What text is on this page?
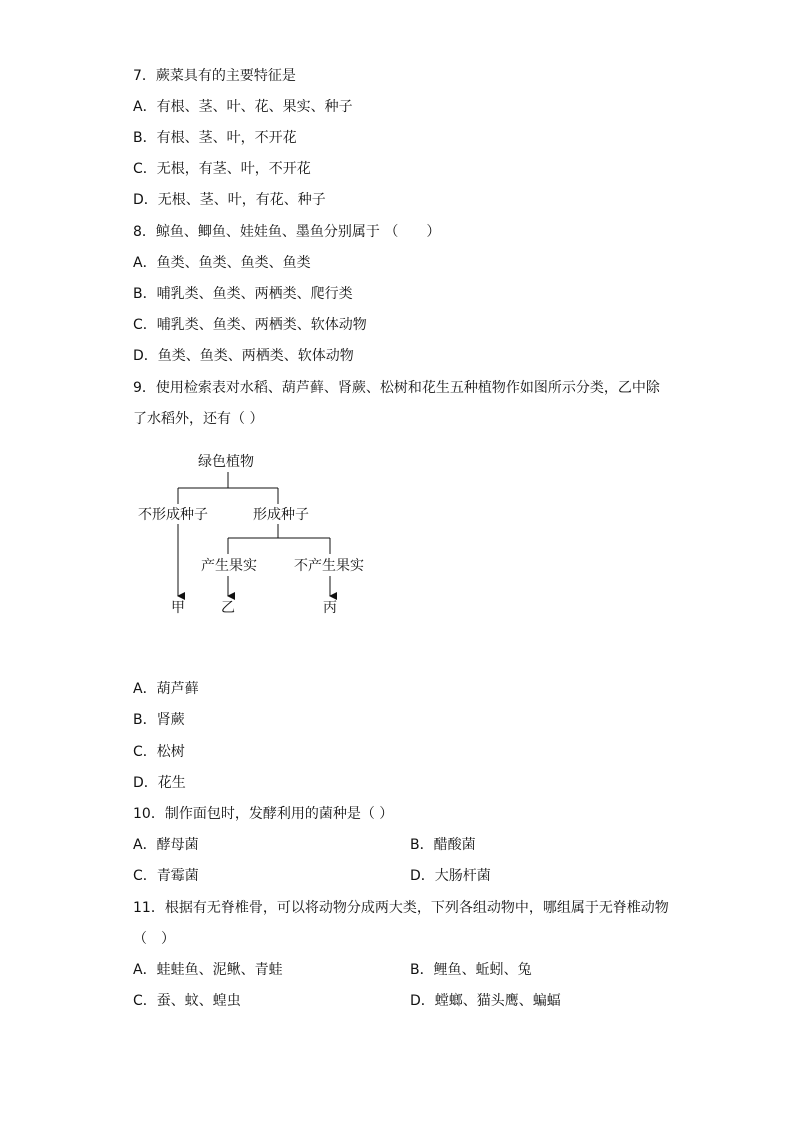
7．蕨菜具有的主要特征是
A．有根、茎、叶、花、果实、种子
B．有根、茎、叶，不开花
C．无根，有茎、叶，不开花
D．无根、茎、叶，有花、种子
8．鲸鱼、鲫鱼、娃娃鱼、墨鱼分别属于 （　　）
A．鱼类、鱼类、鱼类、鱼类
B．哺乳类、鱼类、两栖类、爬行类
C．哺乳类、鱼类、两栖类、软体动物
D．鱼类、鱼类、两栖类、软体动物
9．使用检索表对水稻、葫芦藓、肾蕨、松树和花生五种植物作如图所示分类，乙中除
了水稻外，还有（ ）
绿色植物
不形成种子	形成种子
产生果实	不产生果实
甲	乙	丙
A．葫芦藓
B．肾蕨
C．松树
D．花生
10．制作面包时，发酵利用的菌种是（ ）
A．酵母菌	B．醋酸菌
C．青霉菌	D．大肠杆菌
11．根据有无脊椎骨，可以将动物分成两大类，下列各组动物中，哪组属于无脊椎动物
（　）
A．蛙蛙鱼、泥鳅、青蛙	B．鲤鱼、蚯蚓、兔
C．蚕、蚊、蝗虫	D．螳螂、猫头鹰、蝙蝠
